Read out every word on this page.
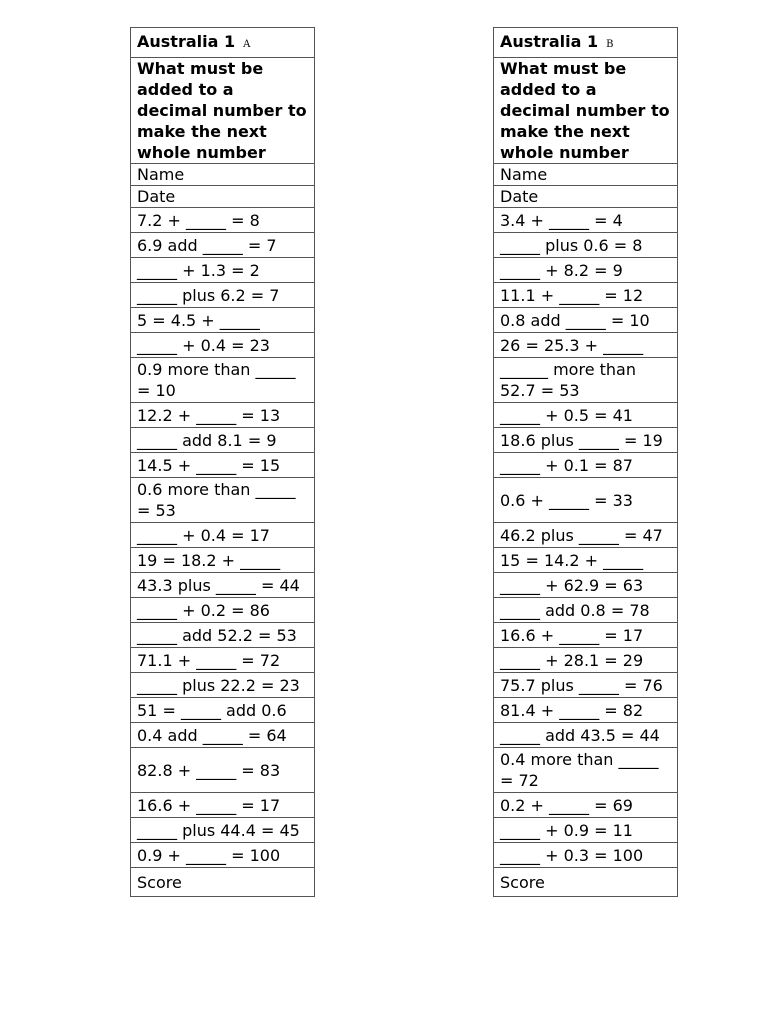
Australia 1 A
What must be added to a decimal number to make the next whole number
Name
Date
7.2 + _____ = 8
6.9 add _____ = 7
_____ + 1.3 = 2
_____ plus 6.2 = 7
5 = 4.5 + _____
_____ + 0.4 = 23
0.9 more than _____ = 10
12.2 + _____ = 13
_____ add 8.1 = 9
14.5 + _____ = 15
0.6 more than _____ = 53
_____ + 0.4 = 17
19 = 18.2 + _____
43.3 plus _____ = 44
_____ + 0.2 = 86
_____ add 52.2 = 53
71.1 + _____ = 72
_____ plus 22.2 = 23
51 = _____ add 0.6
0.4 add _____ = 64
82.8 + _____ = 83
16.6 + _____ = 17
_____ plus 44.4 = 45
0.9 + _____ = 100
Score
Australia 1 B
What must be added to a decimal number to make the next whole number
Name
Date
3.4 + _____ = 4
_____ plus 0.6 = 8
_____ + 8.2 = 9
11.1 + _____ = 12
0.8 add _____ = 10
26 = 25.3 + _____
______ more than 52.7 = 53
_____ + 0.5 = 41
18.6 plus _____ = 19
_____ + 0.1 = 87
0.6 + _____ = 33
46.2 plus _____ = 47
15 = 14.2 + _____
_____ + 62.9 = 63
_____ add 0.8 = 78
16.6 + _____ = 17
_____ + 28.1 = 29
75.7 plus _____ = 76
81.4 + _____ = 82
_____ add 43.5 = 44
0.4 more than _____ = 72
0.2 + _____ = 69
_____ + 0.9 = 11
_____ + 0.3 = 100
Score
